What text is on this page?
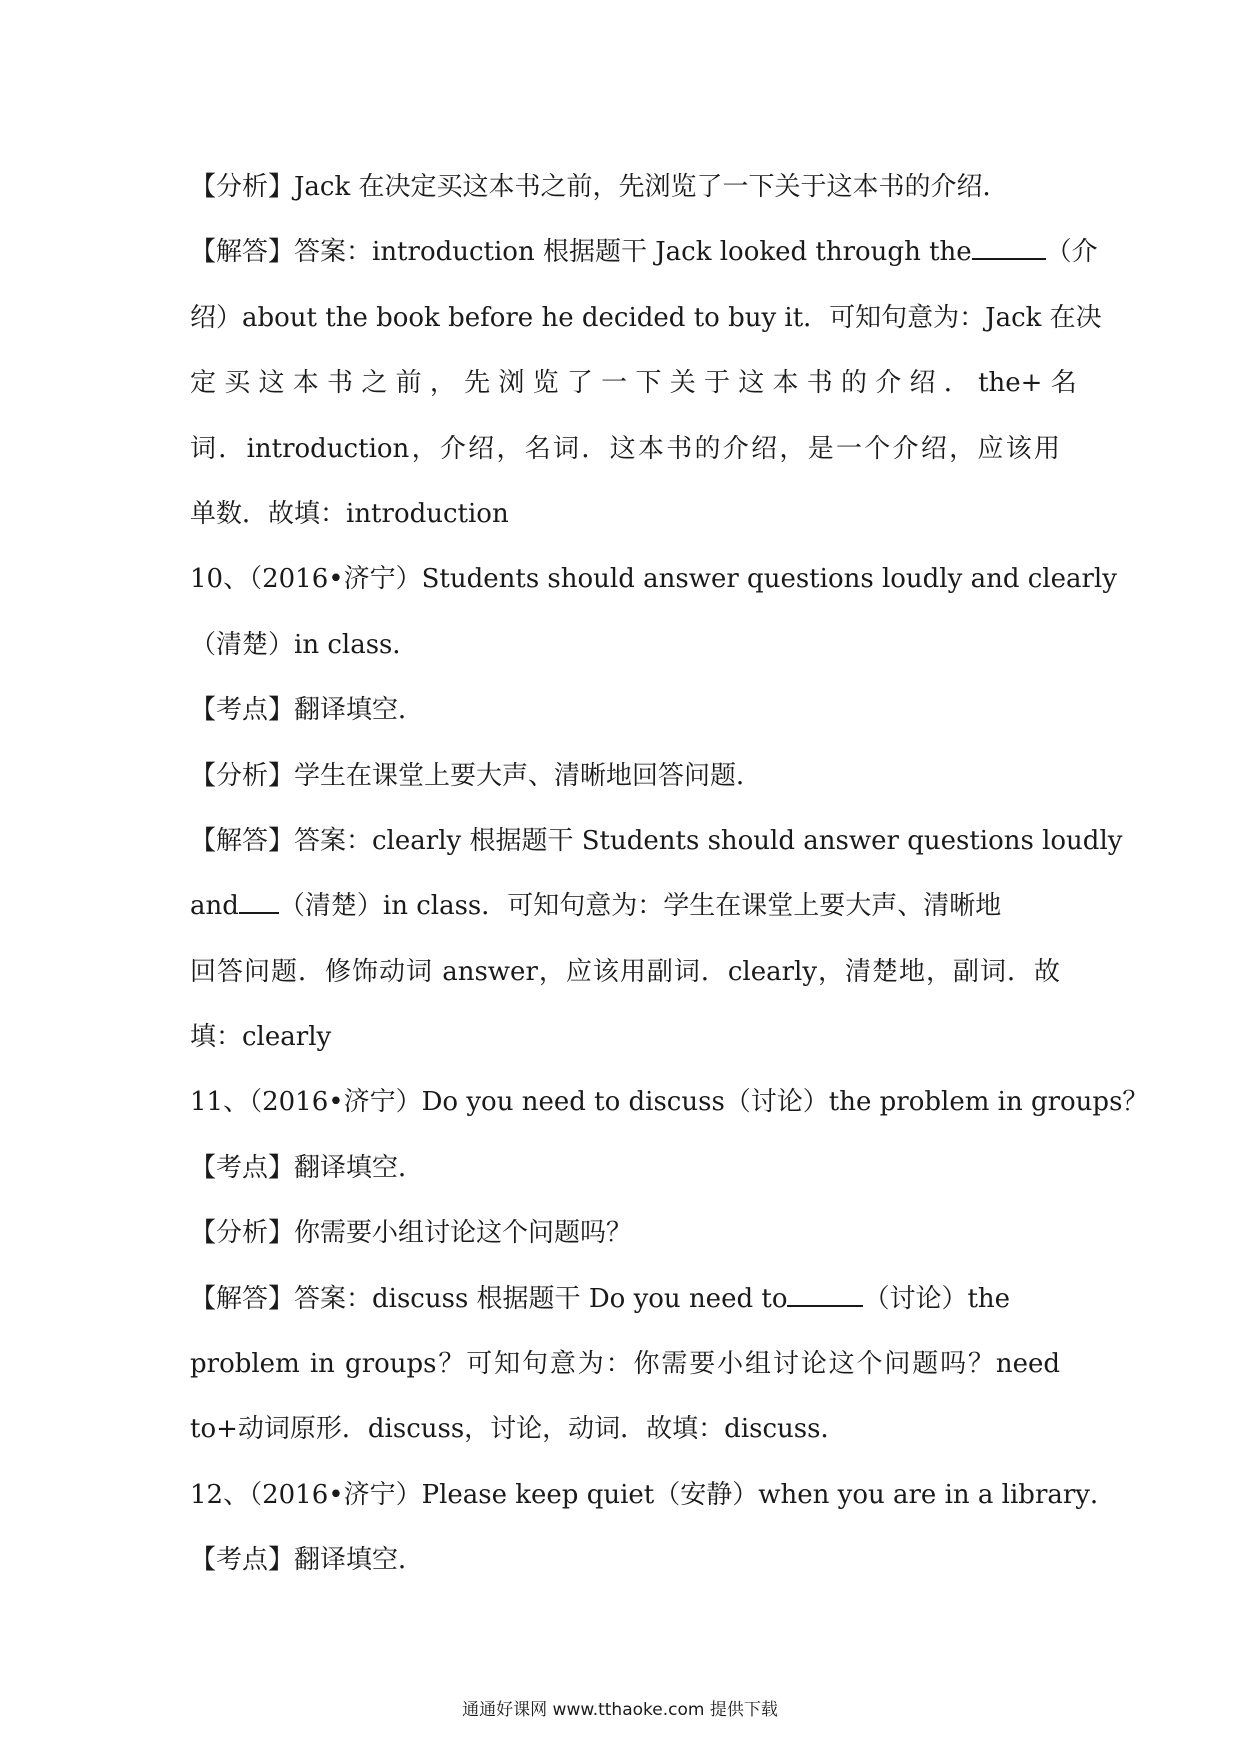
【分析】Jack 在决定买这本书之前，先浏览了一下关于这本书的介绍．
【解答】答案：introduction 根据题干 Jack looked through the	（介
绍）about the book before he decided to buy it．可知句意为：Jack 在决
定 买 这 本 书 之 前 ， 先 浏 览 了 一 下 关 于 这 本 书 的 介 绍 ． the+ 名
词．introduction，介绍，名词．这本书的介绍，是一个介绍，应该用
单数．故填：introduction
10、（2016•济宁）Students should answer questions loudly and clearly
（清楚）in class．
【考点】翻译填空．
【分析】学生在课堂上要大声、清晰地回答问题．
【解答】答案：clearly 根据题干 Students should answer questions loudly
and （清楚）in class．可知句意为：学生在课堂上要大声、清晰地
回答问题．修饰动词 answer，应该用副词．clearly，清楚地，副词．故
填：clearly
11、（2016•济宁）Do you need to discuss（讨论）the problem in groups？
【考点】翻译填空．
【分析】你需要小组讨论这个问题吗？
【解答】答案：discuss 根据题干 Do you need to	（讨论）the
problem in groups？可知句意为：你需要小组讨论这个问题吗？need
to+动词原形．discuss，讨论，动词．故填：discuss．
12、（2016•济宁）Please keep quiet（安静）when you are in a library．
【考点】翻译填空．
通通好课网 www.tthaoke.com 提供下载
